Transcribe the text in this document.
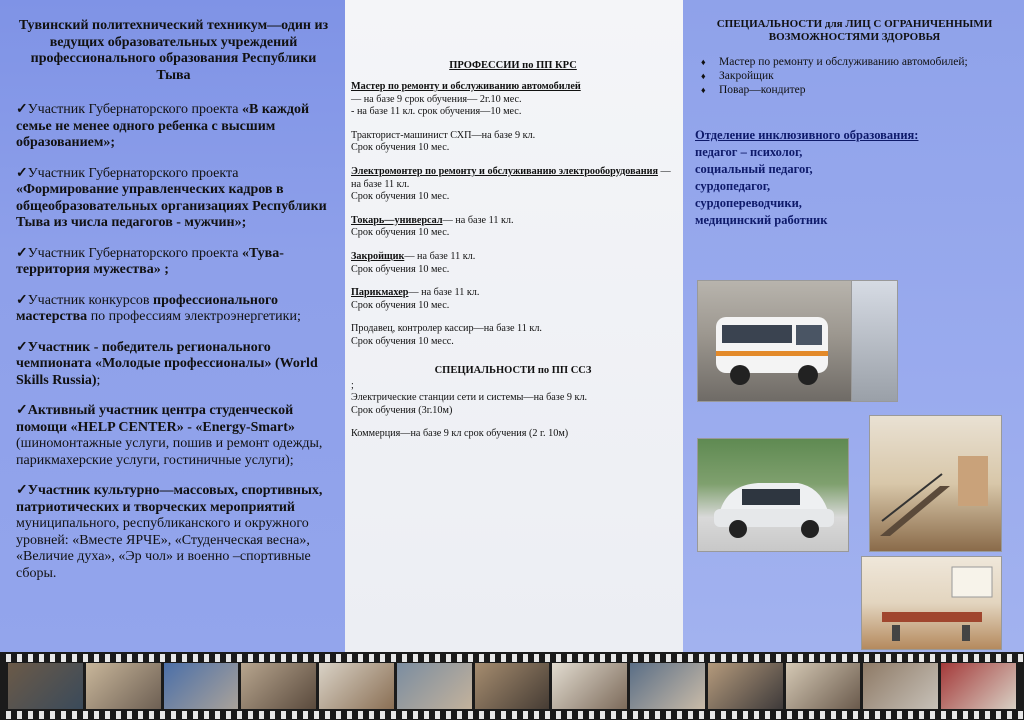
Тувинский политехнический техникум—один из ведущих образовательных учреждений профессионального образования Республики Тыва

✓Участник Губернаторского проекта «В каждой семье не менее одного ребенка с высшим образованием»;
✓Участник Губернаторского проекта «Формирование управленческих кадров в общеобразовательных организациях Республики Тыва из числа педагогов - мужчин»;
✓Участник Губернаторского проекта «Тува-территория мужества» ;
✓Участник конкурсов профессионального мастерства по профессиям электроэнергетики;
✓Участник - победитель регионального чемпионата «Молодые профессионалы» (World Skills Russia);
✓Активный участник центра студенческой помощи «HELP CENTER» - «Energy-Smart» (шиномонтажные услуги, пошив и ремонт одежды, парикмахерские услуги, гостиничные услуги);
✓Участник культурно—массовых, спортивных, патриотических и творческих мероприятий муниципального, республиканского и окружного уровней: «Вместе ЯРЧЕ», «Студенческая весна», «Величие духа», «Эр чол» и военно –спортивные сборы.
ПРОФЕССИИ по ПП КРС

Мастер по ремонту и обслуживанию автомобилей
— на базе 9 срок обучения— 2г.10 мес.
- на базе 11 кл. срок обучения—10 мес.

Тракторист-машинист СХП—на базе 9 кл.
Срок обучения 10 мес.

Электромонтер по ремонту и обслуживанию электрооборудования — на базе 11 кл.
Срок обучения 10 мес.

Токарь—универсал— на базе 11 кл.
Срок обучения 10 мес.

Закройщик— на базе 11 кл.
Срок обучения 10 мес.

Парикмахер— на базе 11 кл.
Срок обучения 10 мес.

Продавец, контролер кассир—на базе 11 кл.
Срок обучения 10 месс.

СПЕЦИАЛЬНОСТИ по ПП ССЗ

;

Электрические станции сети и системы—на базе 9 кл.
Срок обучения (3г.10м)

Коммерция—на базе 9 кл срок обучения (2 г. 10м)

СПЕЦИАЛЬНОСТИ для ЛИЦ С ОГРАНИЧЕННЫМИ ВОЗМОЖНОСТЯМИ ЗДОРОВЬЯ
♦ Мастер по ремонту и обслуживанию автомобилей;
♦ Закройщик
♦ Повар—кондитер
Отделение инклюзивного образования:
педагог – психолог,
социальный педагог,
сурдопедагог,
сурдопереводчики,
медицинский работник
